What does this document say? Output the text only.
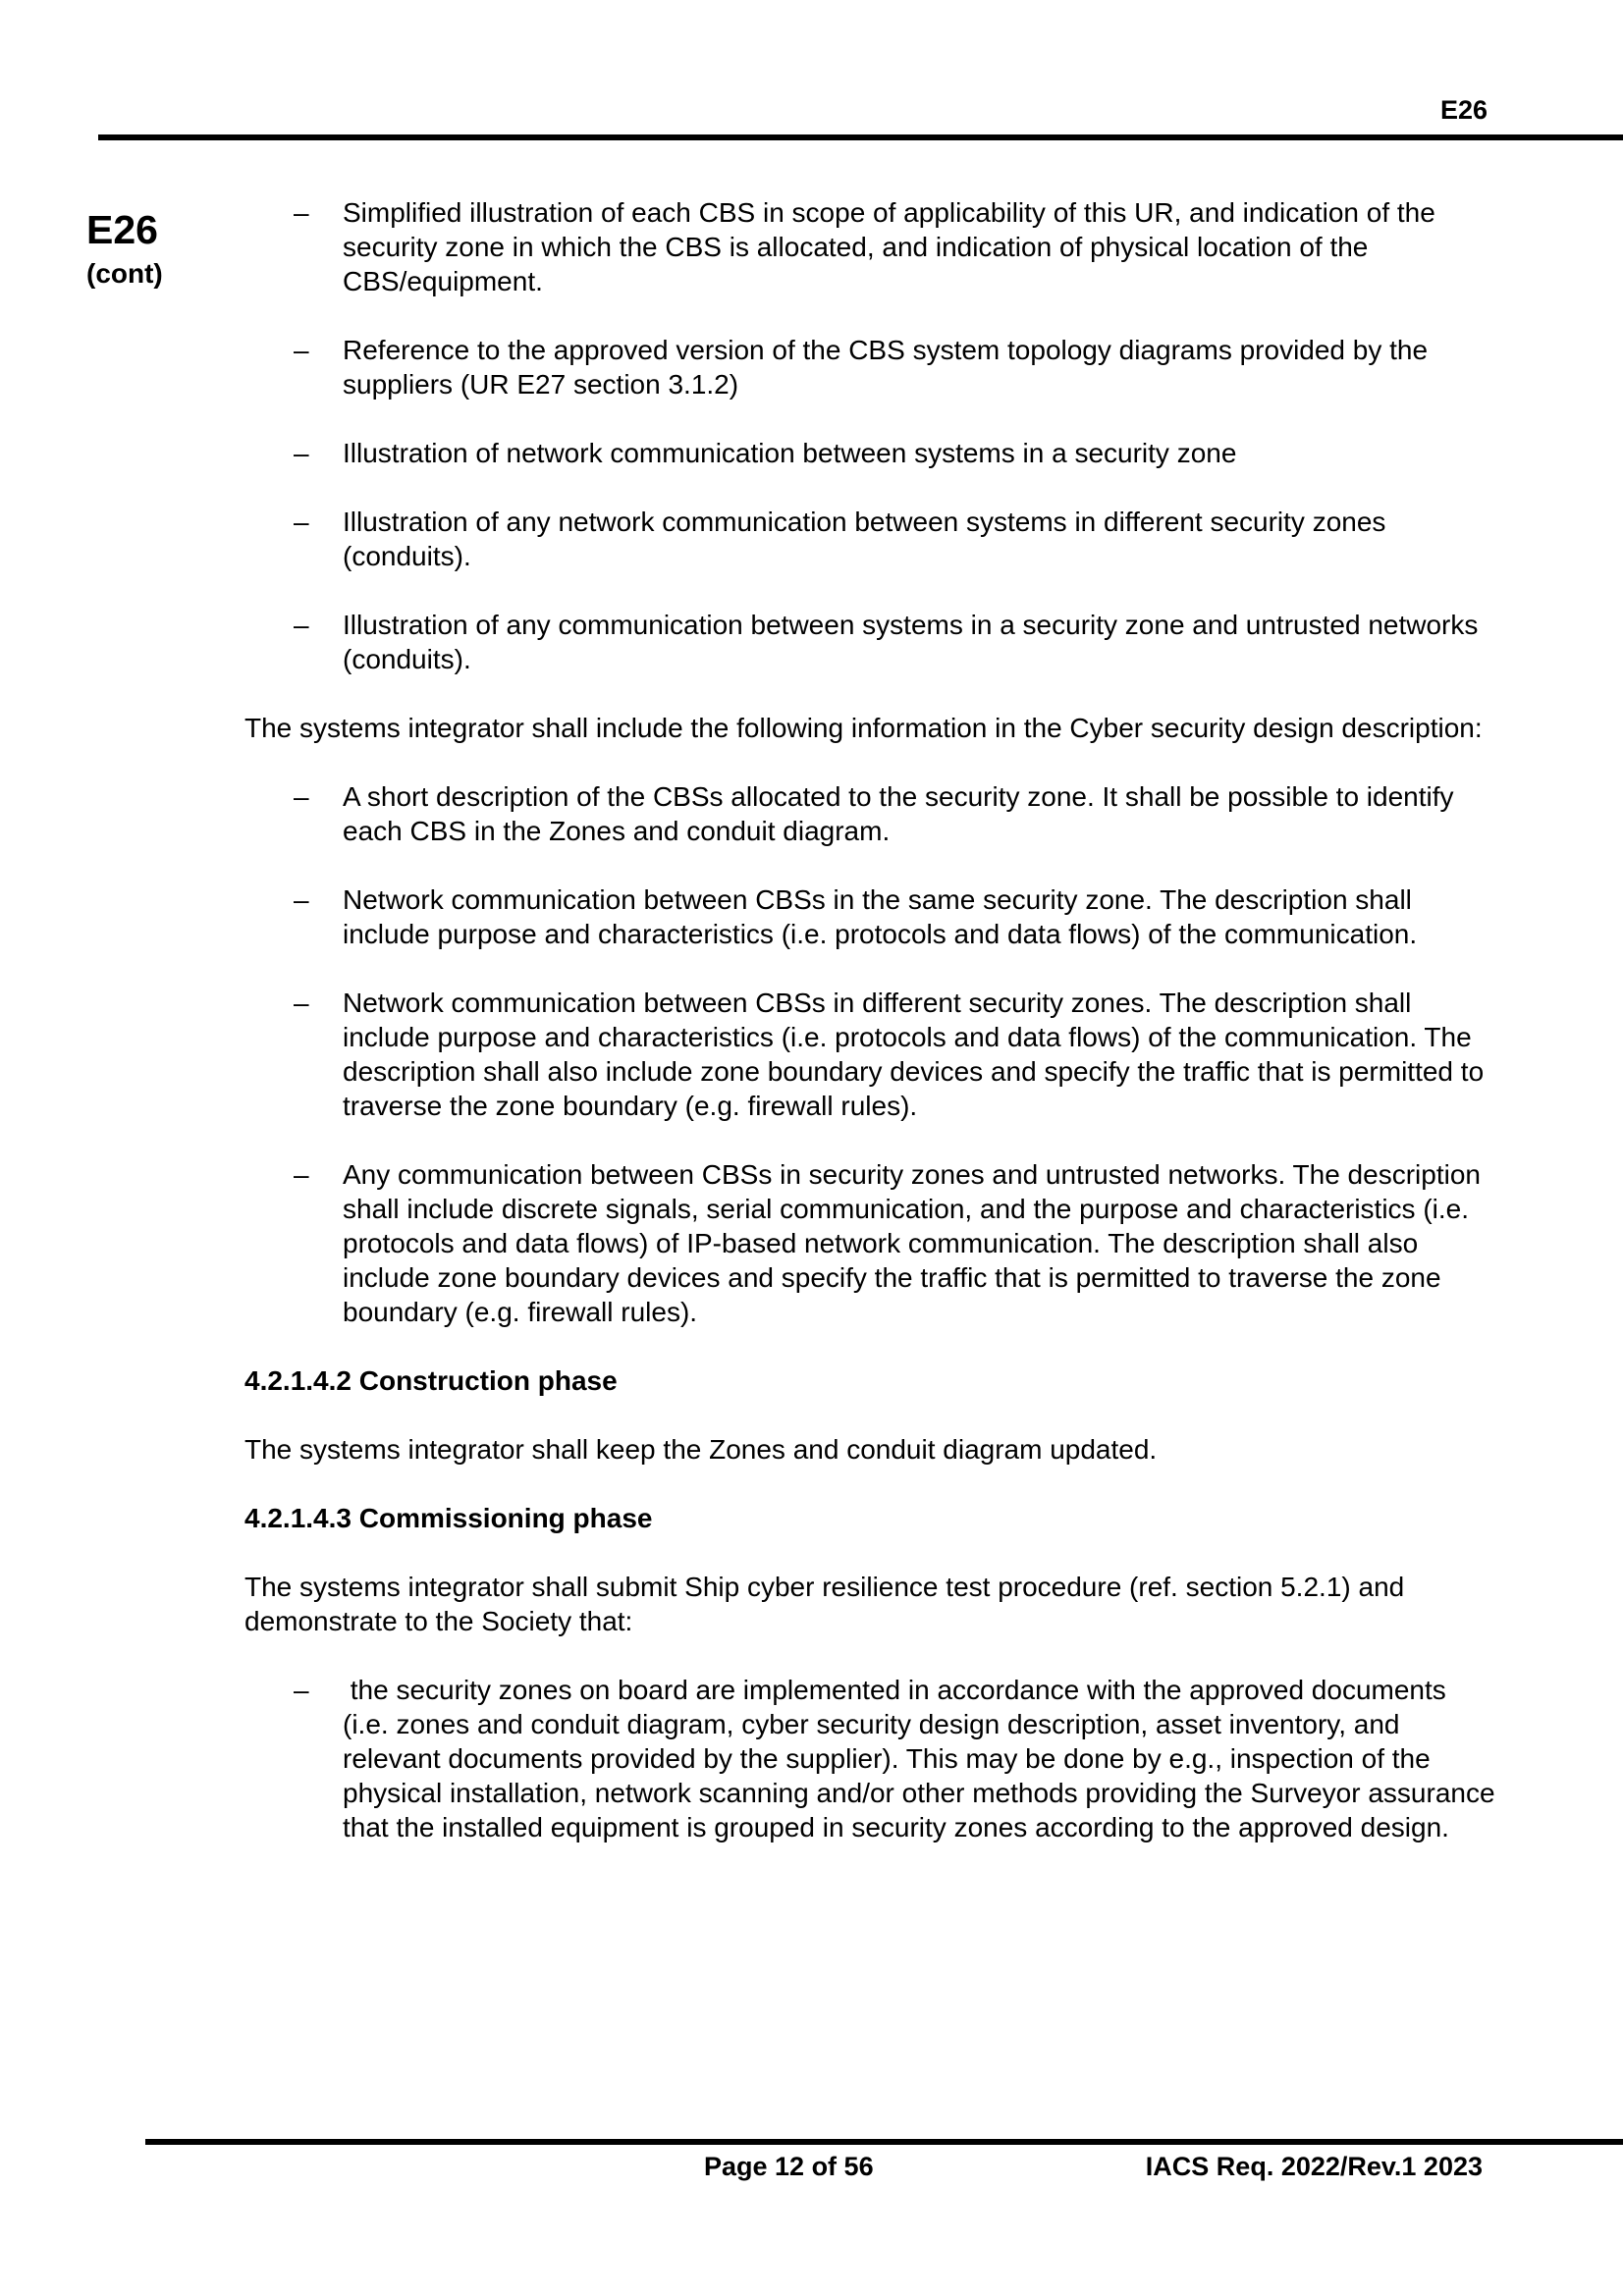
E26
E26
(cont)
– Simplified illustration of each CBS in scope of applicability of this UR, and indication of the security zone in which the CBS is allocated, and indication of physical location of the CBS/equipment.
– Reference to the approved version of the CBS system topology diagrams provided by the suppliers (UR E27 section 3.1.2)
– Illustration of network communication between systems in a security zone
– Illustration of any network communication between systems in different security zones (conduits).
– Illustration of any communication between systems in a security zone and untrusted networks (conduits).

The systems integrator shall include the following information in the Cyber security design description:

– A short description of the CBSs allocated to the security zone. It shall be possible to identify each CBS in the Zones and conduit diagram.
– Network communication between CBSs in the same security zone. The description shall include purpose and characteristics (i.e. protocols and data flows) of the communication.
– Network communication between CBSs in different security zones. The description shall include purpose and characteristics (i.e. protocols and data flows) of the communication. The description shall also include zone boundary devices and specify the traffic that is permitted to traverse the zone boundary (e.g. firewall rules).
– Any communication between CBSs in security zones and untrusted networks. The description shall include discrete signals, serial communication, and the purpose and characteristics (i.e. protocols and data flows) of IP-based network communication. The description shall also include zone boundary devices and specify the traffic that is permitted to traverse the zone boundary (e.g. firewall rules).
4.2.1.4.2 Construction phase

The systems integrator shall keep the Zones and conduit diagram updated.

4.2.1.4.3 Commissioning phase

The systems integrator shall submit Ship cyber resilience test procedure (ref. section 5.2.1) and demonstrate to the Society that:

– the security zones on board are implemented in accordance with the approved documents (i.e. zones and conduit diagram, cyber security design description, asset inventory, and relevant documents provided by the supplier). This may be done by e.g., inspection of the physical installation, network scanning and/or other methods providing the Surveyor assurance that the installed equipment is grouped in security zones according to the approved design.
Page 12 of 56	IACS Req. 2022/Rev.1 2023
